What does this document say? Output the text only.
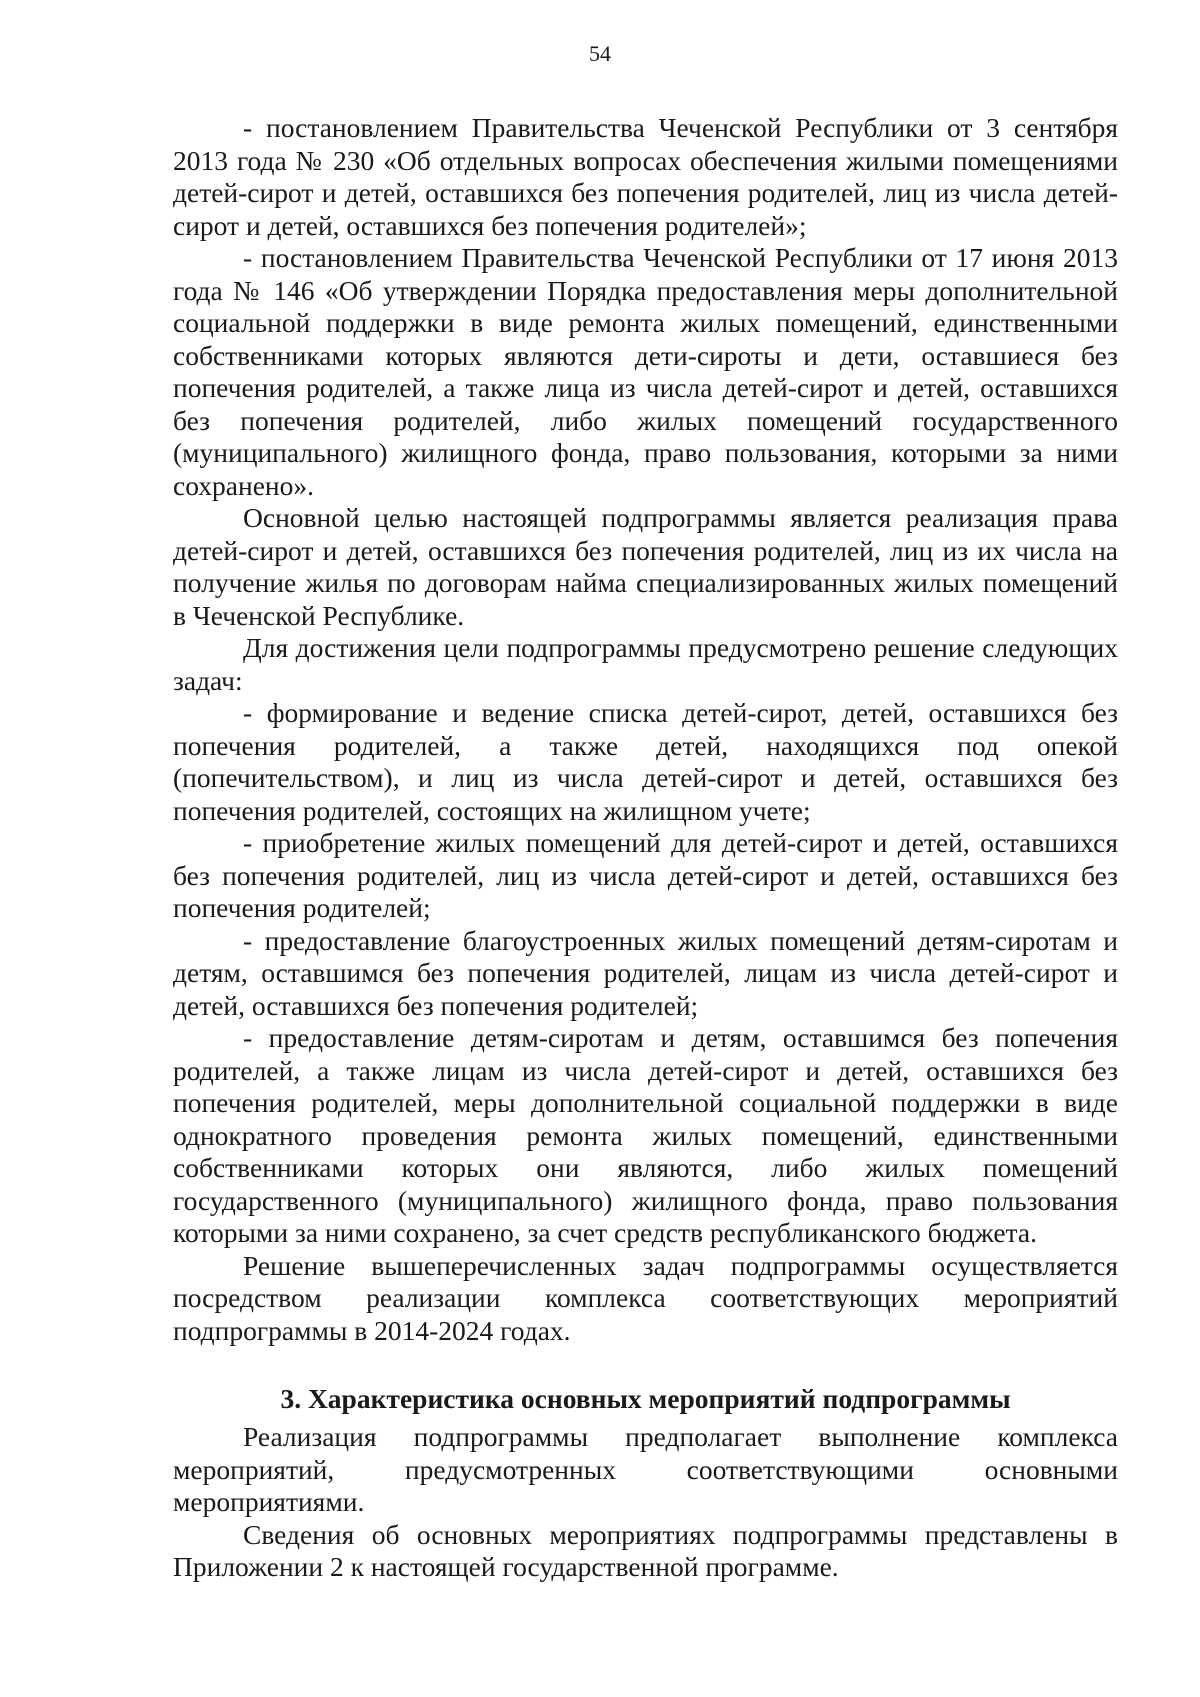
54

- постановлением Правительства Чеченской Республики от 3 сентября 2013 года № 230 «Об отдельных вопросах обеспечения жилыми помещениями детей-сирот и детей, оставшихся без попечения родителей, лиц из числа детей-сирот и детей, оставшихся без попечения родителей»;

- постановлением Правительства Чеченской Республики от 17 июня 2013 года № 146 «Об утверждении Порядка предоставления меры дополнительной социальной поддержки в виде ремонта жилых помещений, единственными собственниками которых являются дети-сироты и дети, оставшиеся без попечения родителей, а также лица из числа детей-сирот и детей, оставшихся без попечения родителей, либо жилых помещений государственного (муниципального) жилищного фонда, право пользования, которыми за ними сохранено».

Основной целью настоящей подпрограммы является реализация права детей-сирот и детей, оставшихся без попечения родителей, лиц из их числа на получение жилья по договорам найма специализированных жилых помещений в Чеченской Республике.

Для достижения цели подпрограммы предусмотрено решение следующих задач:

- формирование и ведение списка детей-сирот, детей, оставшихся без попечения родителей, а также детей, находящихся под опекой (попечительством), и лиц из числа детей-сирот и детей, оставшихся без попечения родителей, состоящих на жилищном учете;

- приобретение жилых помещений для детей-сирот и детей, оставшихся без попечения родителей, лиц из числа детей-сирот и детей, оставшихся без попечения родителей;

- предоставление благоустроенных жилых помещений детям-сиротам и детям, оставшимся без попечения родителей, лицам из числа детей-сирот и детей, оставшихся без попечения родителей;

- предоставление детям-сиротам и детям, оставшимся без попечения родителей, а также лицам из числа детей-сирот и детей, оставшихся без попечения родителей, меры дополнительной социальной поддержки в виде однократного проведения ремонта жилых помещений, единственными собственниками которых они являются, либо жилых помещений государственного (муниципального) жилищного фонда, право пользования которыми за ними сохранено, за счет средств республиканского бюджета.

Решение вышеперечисленных задач подпрограммы осуществляется посредством реализации комплекса соответствующих мероприятий подпрограммы в 2014-2024 годах.

3. Характеристика основных мероприятий подпрограммы

Реализация подпрограммы предполагает выполнение комплекса мероприятий, предусмотренных соответствующими основными мероприятиями.

Сведения об основных мероприятиях подпрограммы представлены в Приложении 2 к настоящей государственной программе.
